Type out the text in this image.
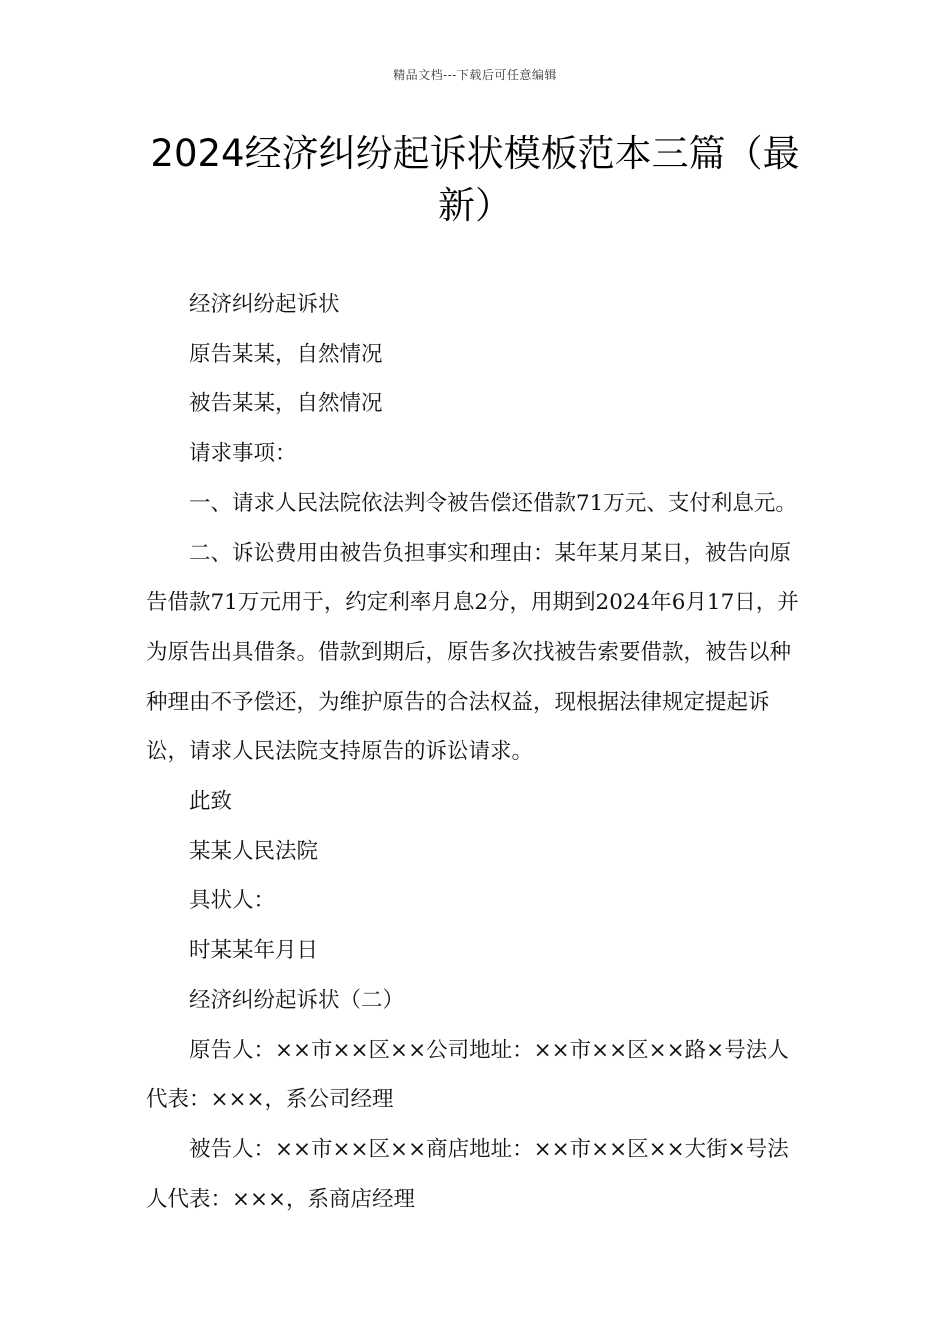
精品文档---下载后可任意编辑
2024经济纠纷起诉状模板范本三篇（最新）

经济纠纷起诉状

原告某某，自然情况

被告某某，自然情况

请求事项：

一、请求人民法院依法判令被告偿还借款71万元、支付利息元。

二、诉讼费用由被告负担事实和理由：某年某月某日，被告向原告借款71万元用于，约定利率月息2分，用期到2024年6月17日，并为原告出具借条。借款到期后，原告多次找被告索要借款，被告以种种理由不予偿还，为维护原告的合法权益，现根据法律规定提起诉讼，请求人民法院支持原告的诉讼请求。

此致

某某人民法院

具状人：

时某某年月日

经济纠纷起诉状（二）

原告人：××市××区××公司地址：××市××区××路×号法人代表：×××，系公司经理

被告人：××市××区××商店地址：××市××区××大街×号法人代表：×××，系商店经理
